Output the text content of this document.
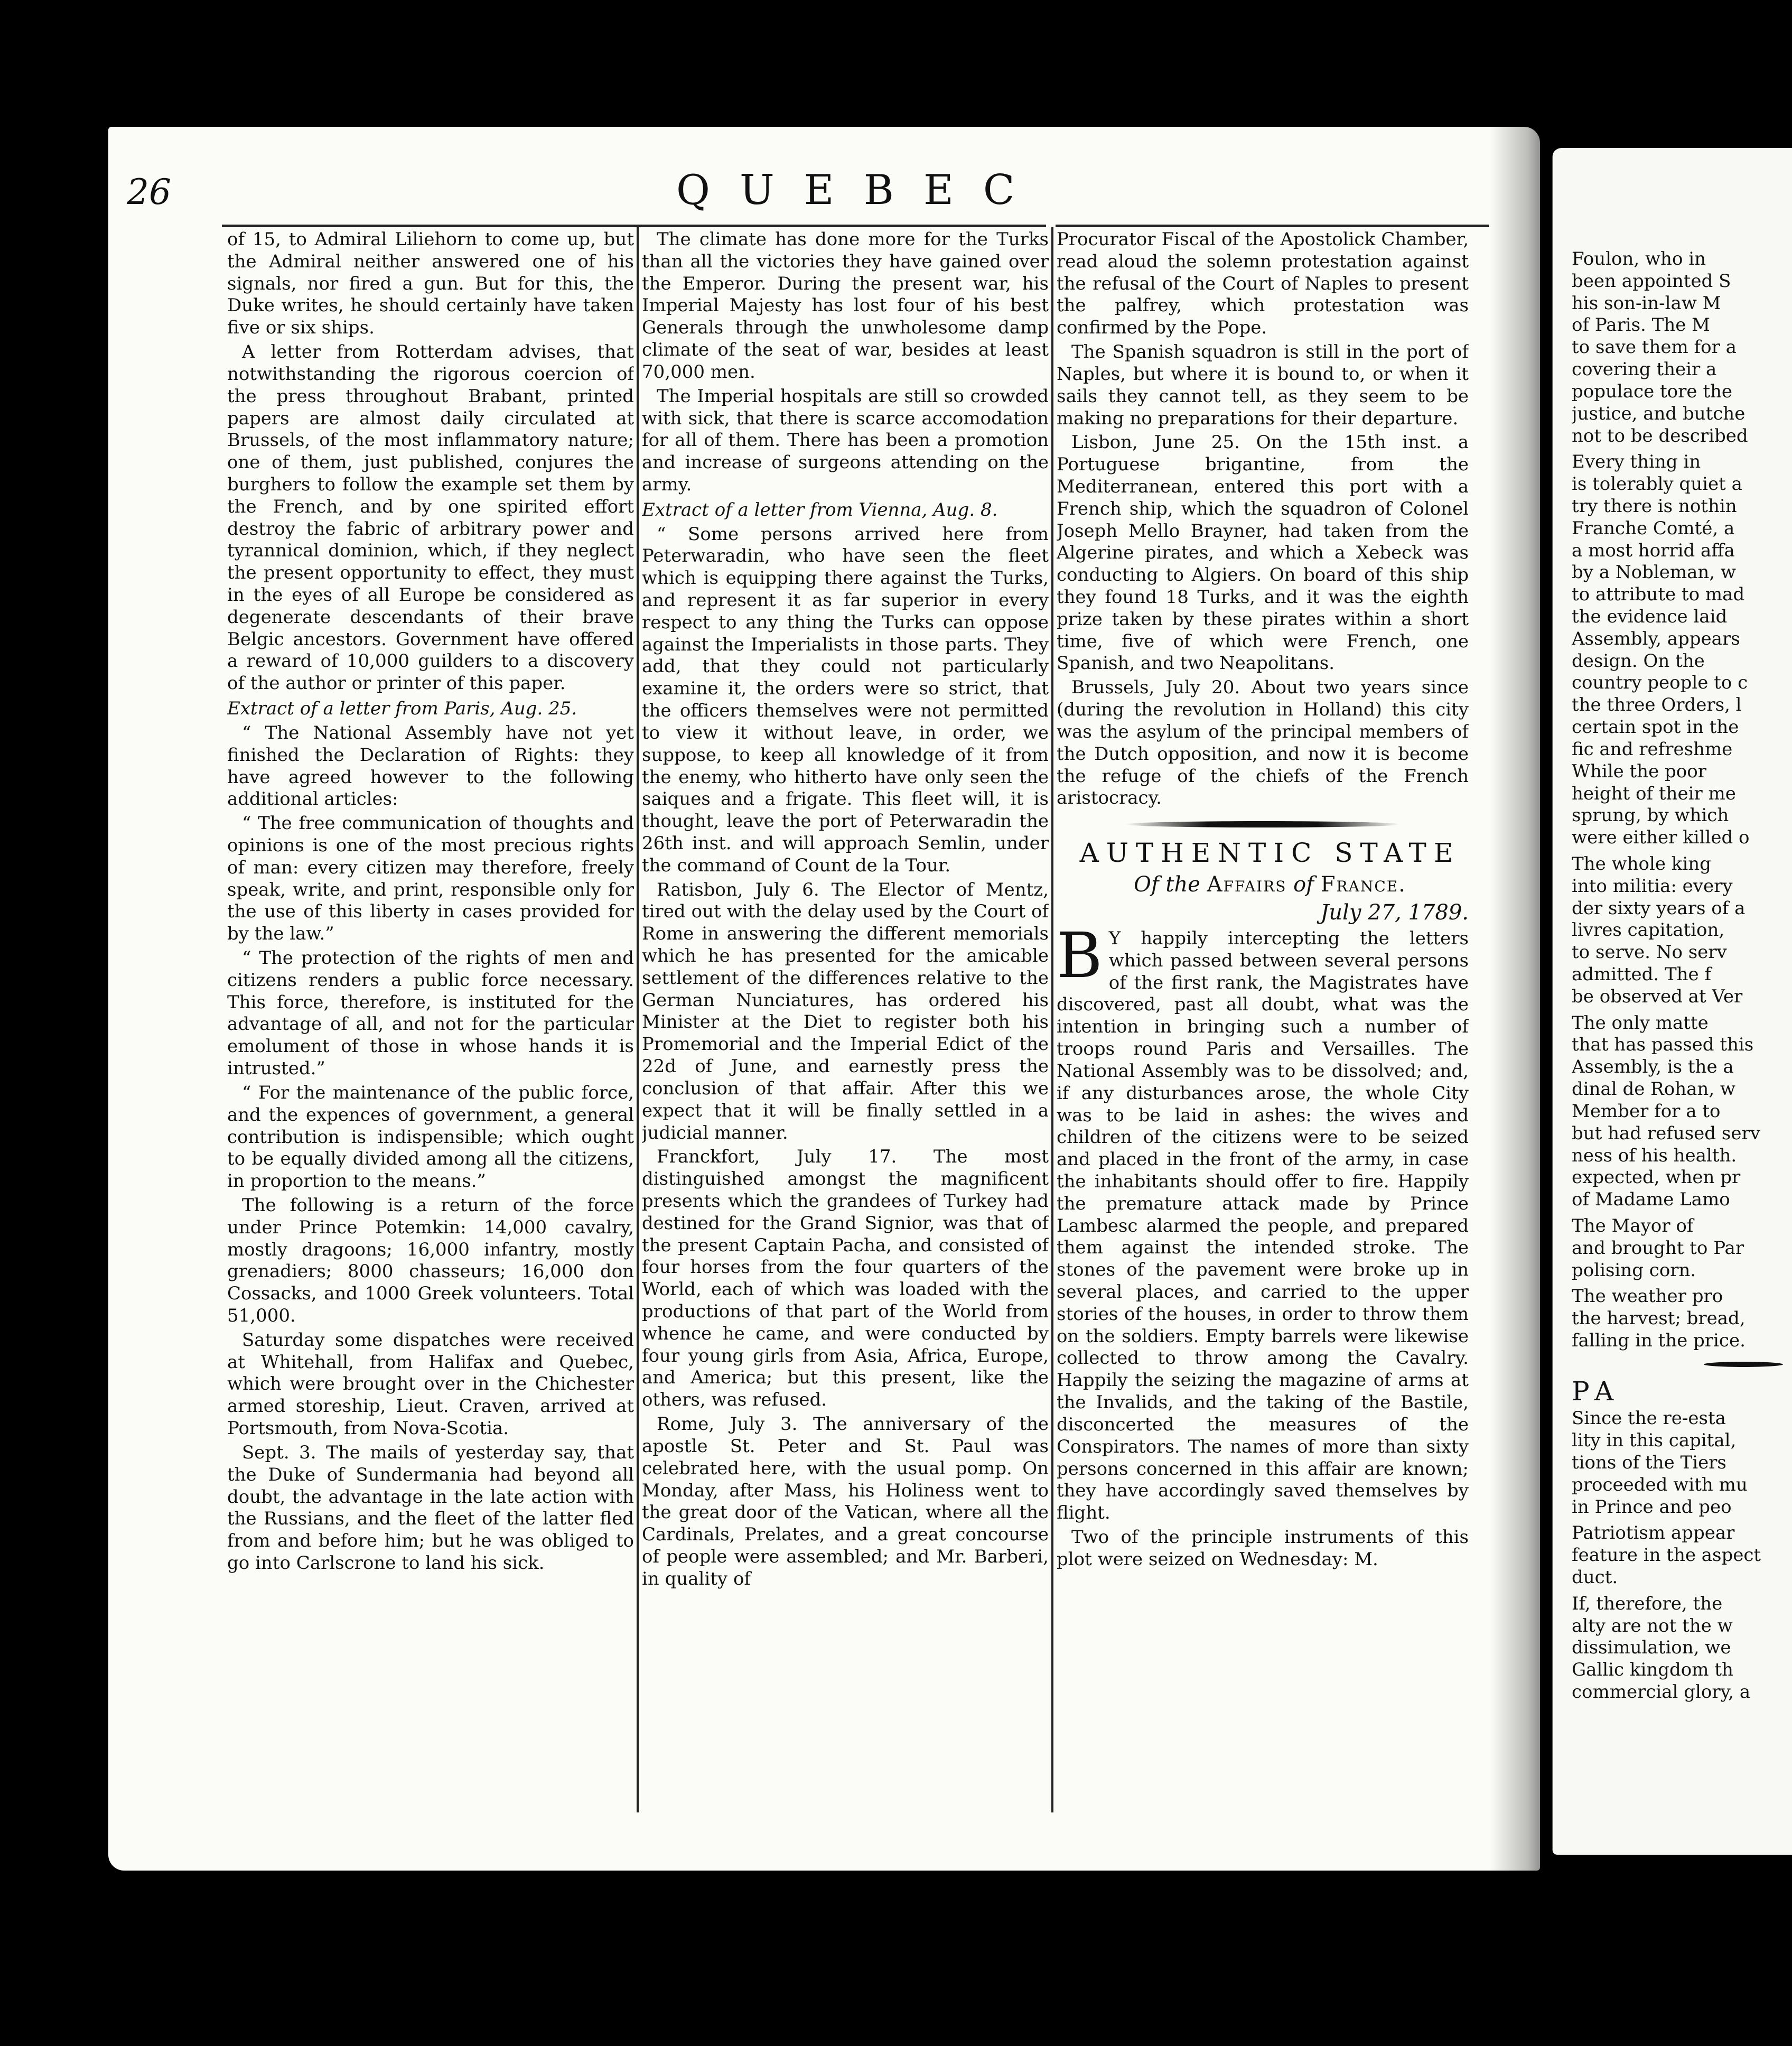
26	QUEBEC

of 15, to Admiral Liliehorn to come up, but the Admiral neither answered one of his signals, nor fired a gun. But for this, the Duke writes, he should certainly have taken five or six ships.

A letter from Rotterdam advises, that notwithstanding the rigorous coercion of the press throughout Brabant, printed papers are almost daily circulated at Brussels, of the most inflammatory nature; one of them, just published, conjures the burghers to follow the example set them by the French, and by one spirited effort destroy the fabric of arbitrary power and tyrannical dominion, which, if they neglect the present opportunity to effect, they must in the eyes of all Europe be considered as degenerate descendants of their brave Belgic ancestors. Government have offered a reward of 10,000 guilders to a discovery of the author or printer of this paper.

Extract of a letter from Paris, Aug. 25.

“ The National Assembly have not yet finished the Declaration of Rights: they have agreed however to the following additional articles:

“ The free communication of thoughts and opinions is one of the most precious rights of man: every citizen may therefore, freely speak, write, and print, responsible only for the use of this liberty in cases provided for by the law.”

“ The protection of the rights of men and citizens renders a public force necessary. This force, therefore, is instituted for the advantage of all, and not for the particular emolument of those in whose hands it is intrusted.”

“ For the maintenance of the public force, and the expences of government, a general contribution is indispensible; which ought to be equally divided among all the citizens, in proportion to the means.”

The following is a return of the force under Prince Potemkin: 14,000 cavalry, mostly dragoons; 16,000 infantry, mostly grenadiers; 8000 chasseurs; 16,000 don Cossacks, and 1000 Greek volunteers. Total 51,000.

Saturday some dispatches were received at Whitehall, from Halifax and Quebec, which were brought over in the Chichester armed storeship, Lieut. Craven, arrived at Portsmouth, from Nova-Scotia.

Sept. 3. The mails of yesterday say, that the Duke of Sundermania had beyond all doubt, the advantage in the late action with the Russians, and the fleet of the latter fled from and before him; but he was obliged to go into Carlscrone to land his sick.

The climate has done more for the Turks than all the victories they have gained over the Emperor. During the present war, his Imperial Majesty has lost four of his best Generals through the unwholesome damp climate of the seat of war, besides at least 70,000 men.

The Imperial hospitals are still so crowded with sick, that there is scarce accomodation for all of them. There has been a promotion and increase of surgeons attending on the army.

Extract of a letter from Vienna, Aug. 8.

“ Some persons arrived here from Peterwaradin, who have seen the fleet which is equipping there against the Turks, and represent it as far superior in every respect to any thing the Turks can oppose against the Imperialists in those parts. They add, that they could not particularly examine it, the orders were so strict, that the officers themselves were not permitted to view it without leave, in order, we suppose, to keep all knowledge of it from the enemy, who hitherto have only seen the saiques and a frigate. This fleet will, it is thought, leave the port of Peterwaradin the 26th inst. and will approach Semlin, under the command of Count de la Tour.

Ratisbon, July 6. The Elector of Mentz, tired out with the delay used by the Court of Rome in answering the different memorials which he has presented for the amicable settlement of the differences relative to the German Nunciatures, has ordered his Minister at the Diet to register both his Promemorial and the Imperial Edict of the 22d of June, and earnestly press the conclusion of that affair. After this we expect that it will be finally settled in a judicial manner.

Franckfort, July 17. The most distinguished amongst the magnificent presents which the grandees of Turkey had destined for the Grand Signior, was that of the present Captain Pacha, and consisted of four horses from the four quarters of the World, each of which was loaded with the productions of that part of the World from whence he came, and were conducted by four young girls from Asia, Africa, Europe, and America; but this present, like the others, was refused.

Rome, July 3. The anniversary of the apostle St. Peter and St. Paul was celebrated here, with the usual pomp. On Monday, after Mass, his Holiness went to the great door of the Vatican, where all the Cardinals, Prelates, and a great concourse of people were assembled; and Mr. Barberi, in quality of

Procurator Fiscal of the Apostolick Chamber, read aloud the solemn protestation against the refusal of the Court of Naples to present the palfrey, which protestation was confirmed by the Pope.

The Spanish squadron is still in the port of Naples, but where it is bound to, or when it sails they cannot tell, as they seem to be making no preparations for their departure.

Lisbon, June 25. On the 15th inst. a Portuguese brigantine, from the Mediterranean, entered this port with a French ship, which the squadron of Colonel Joseph Mello Brayner, had taken from the Algerine pirates, and which a Xebeck was conducting to Algiers. On board of this ship they found 18 Turks, and it was the eighth prize taken by these pirates within a short time, five of which were French, one Spanish, and two Neapolitans.

Brussels, July 20. About two years since (during the revolution in Holland) this city was the asylum of the principal members of the Dutch opposition, and now it is become the refuge of the chiefs of the French aristocracy.

AUTHENTIC STATE

Of the Affairs of France.

July 27, 1789.

B Y happily intercepting the letters which passed between several persons of the first rank, the Magistrates have discovered, past all doubt, what was the intention in bringing such a number of troops round Paris and Versailles. The National Assembly was to be dissolved; and, if any disturbances arose, the whole City was to be laid in ashes: the wives and children of the citizens were to be seized and placed in the front of the army, in case the inhabitants should offer to fire. Happily the premature attack made by Prince Lambesc alarmed the people, and prepared them against the intended stroke. The stones of the pavement were broke up in several places, and carried to the upper stories of the houses, in order to throw them on the soldiers. Empty barrels were likewise collected to throw among the Cavalry. Happily the seizing the magazine of arms at the Invalids, and the taking of the Bastile, disconcerted the measures of the Conspirators. The names of more than sixty persons concerned in this affair are known; they have accordingly saved themselves by flight.

Two of the principle instruments of this plot were seized on Wednesday: M.

Foulon, who in

been appointed S

his son-in-law M

of Paris. The M

to save them for a

covering their a

populace tore the

justice, and butche

not to be described

Every thing in

is tolerably quiet a

try there is nothin

Franche Comté, a

a most horrid affa

by a Nobleman, w

to attribute to mad

the evidence laid

Assembly, appears

design. On the

country people to c

the three Orders, l

certain spot in the

fic and refreshme

While the poor

height of their me

sprung, by which

were either killed o

The whole king

into militia: every

der sixty years of a

livres capitation,

to serve. No serv

admitted. The f

be observed at Ver

The only matte

that has passed this

Assembly, is the a

dinal de Rohan, w

Member for a to

but had refused serv

ness of his health.

expected, when pr

of Madame Lamo

The Mayor of

and brought to Par

polising corn.

The weather pro

the harvest; bread,

falling in the price.

PA

Since the re-esta

lity in this capital,

tions of the Tiers

proceeded with mu

in Prince and peo

Patriotism appear

feature in the aspect

duct.

If, therefore, the

alty are not the w

dissimulation, we

Gallic kingdom th

commercial glory, a
